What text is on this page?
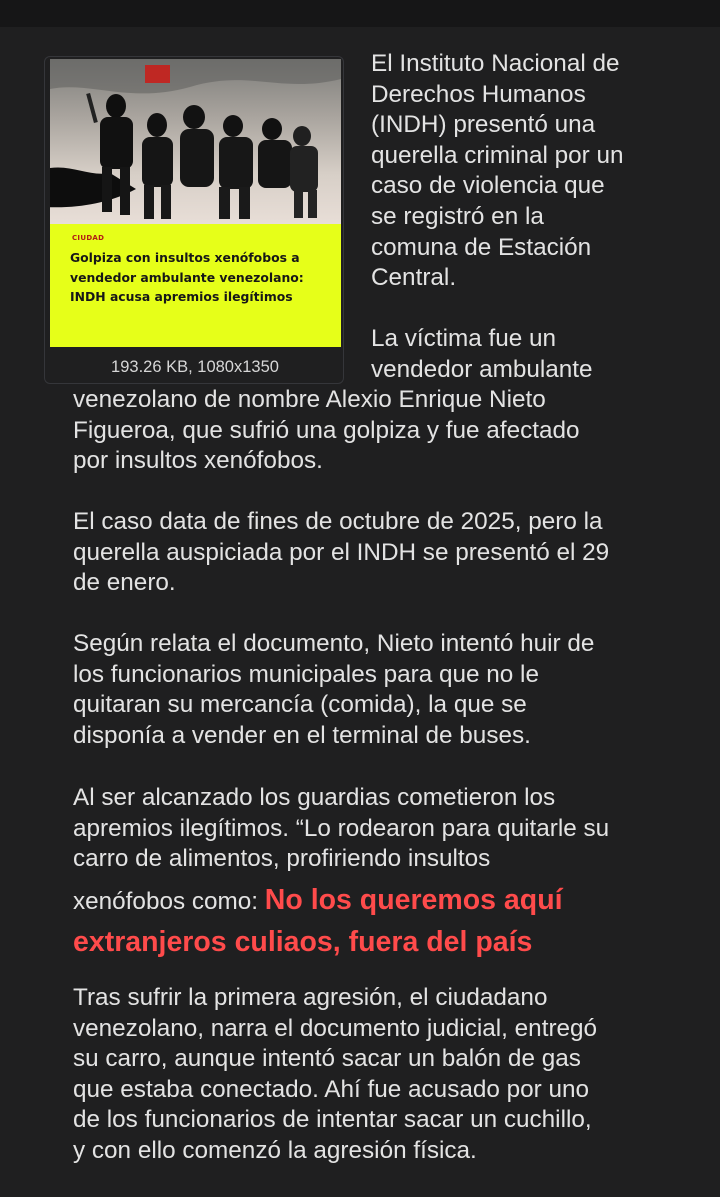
CIUDAD
Golpiza con insultos xenófobos a
vendedor ambulante venezolano:
INDH acusa apremios ilegítimos
193.26 KB, 1080x1350
El Instituto Nacional de
Derechos Humanos
(INDH) presentó una
querella criminal por un
caso de violencia que
se registró en la
comuna de Estación
Central.
La víctima fue un
vendedor ambulante
venezolano de nombre Alexio Enrique Nieto
Figueroa, que sufrió una golpiza y fue afectado
por insultos xenófobos.
El caso data de fines de octubre de 2025, pero la
querella auspiciada por el INDH se presentó el 29
de enero.
Según relata el documento, Nieto intentó huir de
los funcionarios municipales para que no le
quitaran su mercancía (comida), la que se
disponía a vender en el terminal de buses.
Al ser alcanzado los guardias cometieron los
apremios ilegítimos. “Lo rodearon para quitarle su
carro de alimentos, profiriendo insultos
xenófobos como: No los queremos aquí
extranjeros culiaos, fuera del país
Tras sufrir la primera agresión, el ciudadano
venezolano, narra el documento judicial, entregó
su carro, aunque intentó sacar un balón de gas
que estaba conectado. Ahí fue acusado por uno
de los funcionarios de intentar sacar un cuchillo,
y con ello comenzó la agresión física.
